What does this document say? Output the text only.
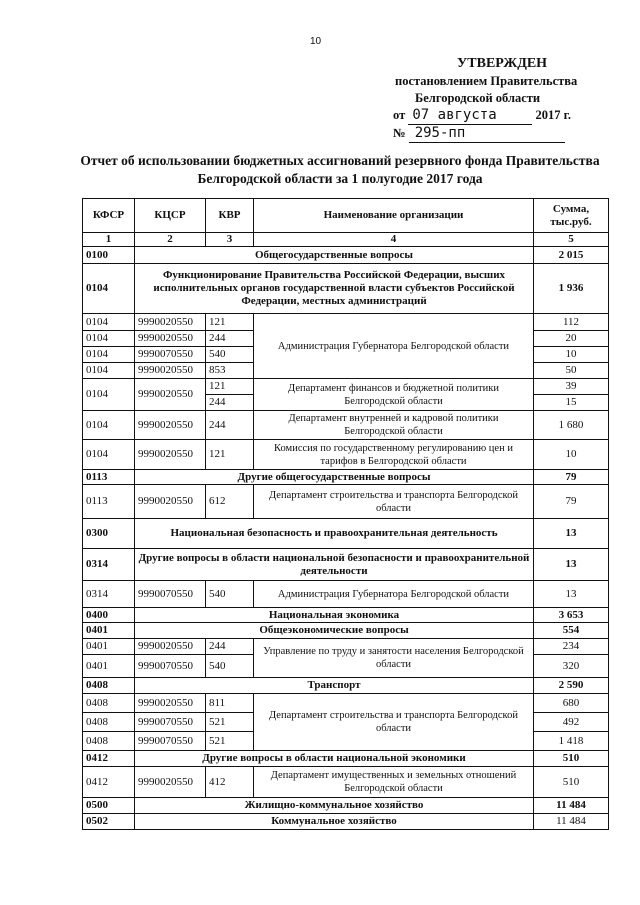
10
УТВЕРЖДЕН
постановлением Правительства
Белгородской области
от 07 августа	2017 г.
№ 295-пп
Отчет об использовании бюджетных ассигнований резервного фонда Правительства
Белгородской области за 1 полугодие 2017 года
КФСР	КЦСР	КВР	Наименование организации	Сумма, тыс.руб.
1	2	3	4	5
0100	Общегосударственные вопросы			2 015
0104	Функционирование Правительства Российской Федерации, высших исполнительных органов государственной власти субъектов Российской Федерации, местных администраций			1 936
0104	9990020550	121	Администрация Губернатора Белгородской области	112
0104	9990020550	244		20
0104	9990070550	540		10
0104	9990020550	853		50
0104	9990020550	121	Департамент финансов и бюджетной политики Белгородской области	39
		244		15
0104	9990020550	244	Департамент внутренней и кадровой политики Белгородской области	1 680
0104	9990020550	121	Комиссия по государственному регулированию цен и тарифов в Белгородской области	10
0113	Другие общегосударственные вопросы			79
0113	9990020550	612	Департамент строительства и транспорта Белгородской области	79
0300	Национальная безопасность и правоохранительная деятельность			13
0314	Другие вопросы в области национальной безопасности и правоохранительной деятельности			13
0314	9990070550	540	Администрация Губернатора Белгородской области	13
0400	Национальная экономика			3 653
0401	Общеэкономические вопросы			554
0401	9990020550	244	Управление по труду и занятости населения Белгородской области	234
0401	9990070550	540		320
0408	Транспорт			2 590
0408	9990020550	811	Департамент строительства и транспорта Белгородской области	680
0408	9990070550	521		492
0408	9990070550	521		1 418
0412	Другие вопросы в области национальной экономики			510
0412	9990020550	412	Департамент имущественных и земельных отношений Белгородской области	510
0500	Жилищно-коммунальное хозяйство			11 484
0502	Коммунальное хозяйство			11 484
